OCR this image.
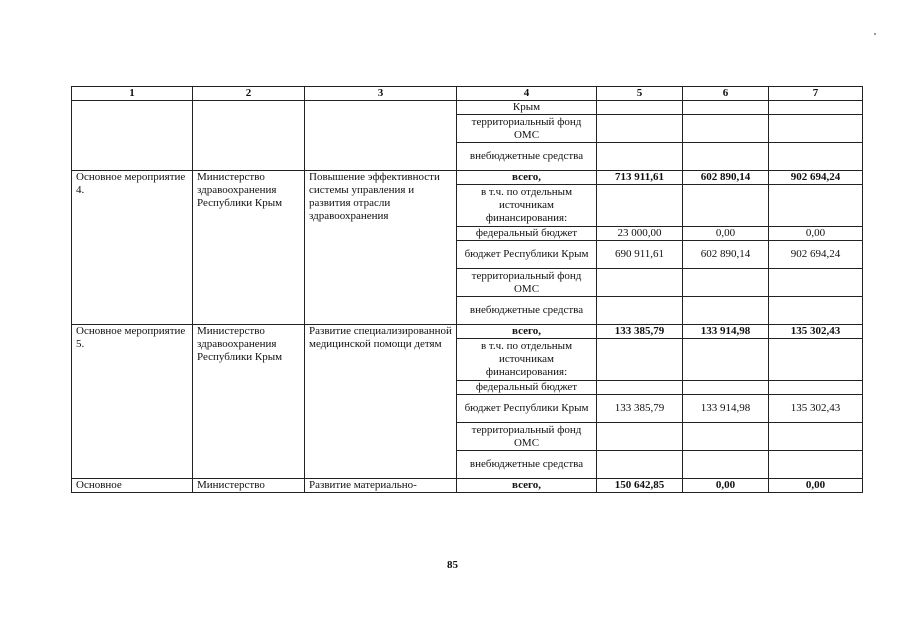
1	2	3	4	5	6	7
			Крым			
			территориальный фонд ОМС			
			внебюджетные средства			
Основное мероприятие 4.	Министерство здравоохранения Республики Крым	Повышение эффективности системы управления и развития отрасли здравоохранения	всего,	713 911,61	602 890,14	902 694,24
			в т.ч. по отдельным источникам финансирования:			
			федеральный бюджет	23 000,00	0,00	0,00
			бюджет Республики Крым	690 911,61	602 890,14	902 694,24
			территориальный фонд ОМС			
			внебюджетные средства			
Основное мероприятие 5.	Министерство здравоохранения Республики Крым	Развитие специализированной медицинской помощи детям	всего,	133 385,79	133 914,98	135 302,43
			в т.ч. по отдельным источникам финансирования:			
			федеральный бюджет			
			бюджет Республики Крым	133 385,79	133 914,98	135 302,43
			территориальный фонд ОМС			
			внебюджетные средства			
Основное	Министерство	Развитие материально-	всего,	150 642,85	0,00	0,00
85
